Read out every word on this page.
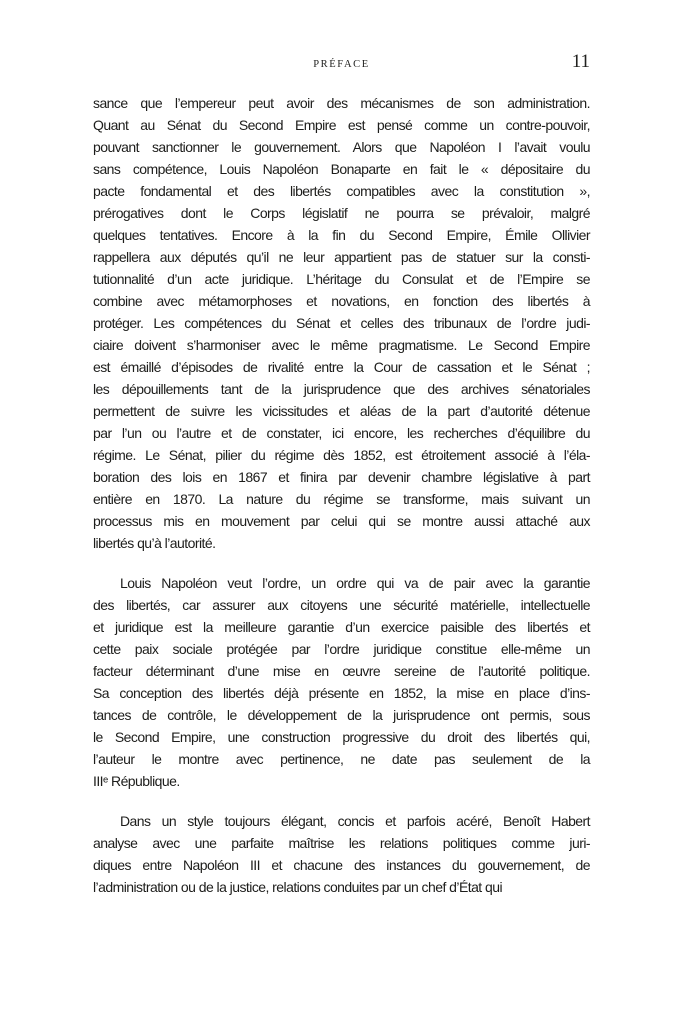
PRÉFACE	11
sance que l’empereur peut avoir des mécanismes de son administration.
Quant au Sénat du Second Empire est pensé comme un contre-pouvoir,
pouvant sanctionner le gouvernement. Alors que Napoléon I l’avait voulu
sans compétence, Louis Napoléon Bonaparte en fait le « dépositaire du
pacte fondamental et des libertés compatibles avec la constitution »,
prérogatives dont le Corps législatif ne pourra se prévaloir, malgré
quelques tentatives. Encore à la fin du Second Empire, Émile Ollivier
rappellera aux députés qu’il ne leur appartient pas de statuer sur la consti-
tutionnalité d’un acte juridique. L’héritage du Consulat et de l’Empire se
combine avec métamorphoses et novations, en fonction des libertés à
protéger. Les compétences du Sénat et celles des tribunaux de l’ordre judi-
ciaire doivent s’harmoniser avec le même pragmatisme. Le Second Empire
est émaillé d’épisodes de rivalité entre la Cour de cassation et le Sénat ;
les dépouillements tant de la jurisprudence que des archives sénatoriales
permettent de suivre les vicissitudes et aléas de la part d’autorité détenue
par l’un ou l’autre et de constater, ici encore, les recherches d’équilibre du
régime. Le Sénat, pilier du régime dès 1852, est étroitement associé à l’éla-
boration des lois en 1867 et finira par devenir chambre législative à part
entière en 1870. La nature du régime se transforme, mais suivant un
processus mis en mouvement par celui qui se montre aussi attaché aux
libertés qu’à l’autorité.
Louis Napoléon veut l’ordre, un ordre qui va de pair avec la garantie
des libertés, car assurer aux citoyens une sécurité matérielle, intellectuelle
et juridique est la meilleure garantie d’un exercice paisible des libertés et
cette paix sociale protégée par l’ordre juridique constitue elle-même un
facteur déterminant d’une mise en œuvre sereine de l’autorité politique.
Sa conception des libertés déjà présente en 1852, la mise en place d’ins-
tances de contrôle, le développement de la jurisprudence ont permis, sous
le Second Empire, une construction progressive du droit des libertés qui,
l’auteur le montre avec pertinence, ne date pas seulement de la
IIIᵉ République.
Dans un style toujours élégant, concis et parfois acéré, Benoît Habert
analyse avec une parfaite maîtrise les relations politiques comme juri-
diques entre Napoléon III et chacune des instances du gouvernement, de
l’administration ou de la justice, relations conduites par un chef d’État qui
